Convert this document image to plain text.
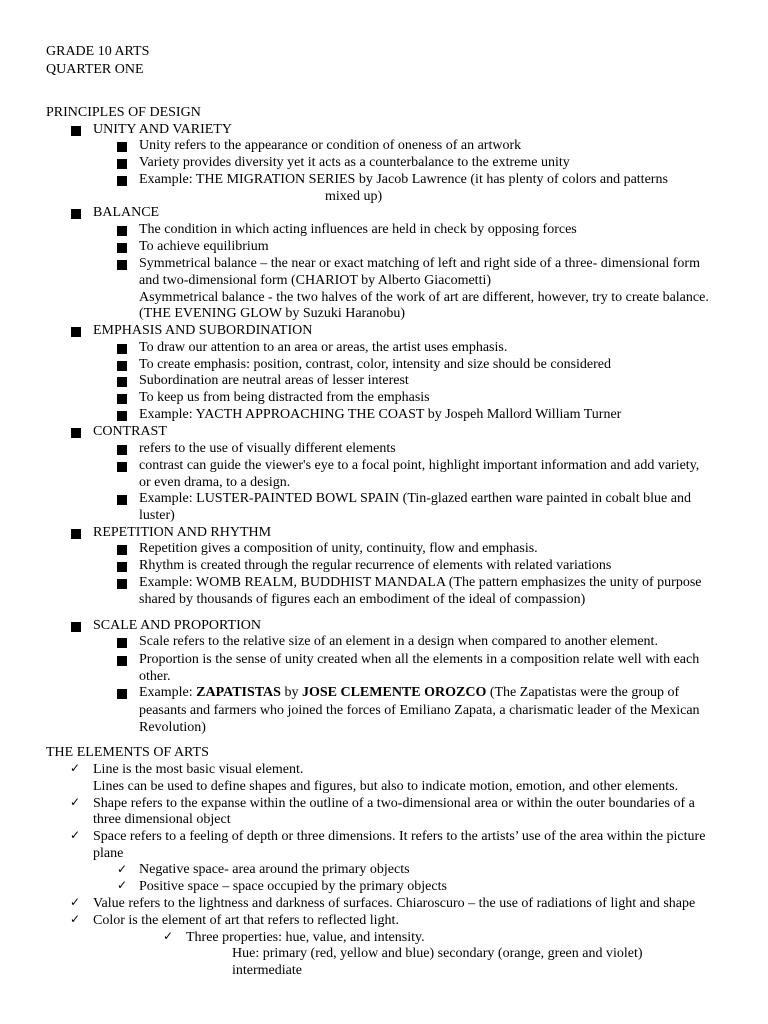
GRADE 10 ARTS
QUARTER ONE
PRINCIPLES OF DESIGN
UNITY AND VARIETY
Unity refers to the appearance or condition of oneness of an artwork
Variety provides diversity yet it acts as a counterbalance to the extreme unity
Example: THE MIGRATION SERIES by Jacob Lawrence (it has plenty of colors and patterns
mixed up)
BALANCE
The condition in which acting influences are held in check by opposing forces
To achieve equilibrium
Symmetrical balance – the near or exact matching of left and right side of a three- dimensional form
and two-dimensional form (CHARIOT by Alberto Giacometti)
Asymmetrical balance - the two halves of the work of art are different, however, try to create balance.
(THE EVENING GLOW by Suzuki Haranobu)
EMPHASIS AND SUBORDINATION
To draw our attention to an area or areas, the artist uses emphasis.
To create emphasis: position, contrast, color, intensity and size should be considered
Subordination are neutral areas of lesser interest
To keep us from being distracted from the emphasis
Example: YACTH APPROACHING THE COAST by Jospeh Mallord William Turner
CONTRAST
refers to the use of visually different elements
contrast can guide the viewer's eye to a focal point, highlight important information and add variety,
or even drama, to a design.
Example: LUSTER-PAINTED BOWL SPAIN (Tin-glazed earthen ware painted in cobalt blue and
luster)
REPETITION AND RHYTHM
Repetition gives a composition of unity, continuity, flow and emphasis.
Rhythm is created through the regular recurrence of elements with related variations
Example: WOMB REALM, BUDDHIST MANDALA (The pattern emphasizes the unity of purpose
shared by thousands of figures each an embodiment of the ideal of compassion)
SCALE AND PROPORTION
Scale refers to the relative size of an element in a design when compared to another element.
Proportion is the sense of unity created when all the elements in a composition relate well with each
other.
Example: ZAPATISTAS by JOSE CLEMENTE OROZCO (The Zapatistas were the group of
peasants and farmers who joined the forces of Emiliano Zapata, a charismatic leader of the Mexican
Revolution)
THE ELEMENTS OF ARTS
✓ Line is the most basic visual element.
Lines can be used to define shapes and figures, but also to indicate motion, emotion, and other elements.
✓ Shape refers to the expanse within the outline of a two-dimensional area or within the outer boundaries of a
three dimensional object
✓ Space refers to a feeling of depth or three dimensions. It refers to the artists’ use of the area within the picture
plane
✓ Negative space- area around the primary objects
✓ Positive space – space occupied by the primary objects
✓ Value refers to the lightness and darkness of surfaces. Chiaroscuro – the use of radiations of light and shape
✓ Color is the element of art that refers to reflected light.
✓ Three properties: hue, value, and intensity.
Hue: primary (red, yellow and blue) secondary (orange, green and violet)
intermediate
